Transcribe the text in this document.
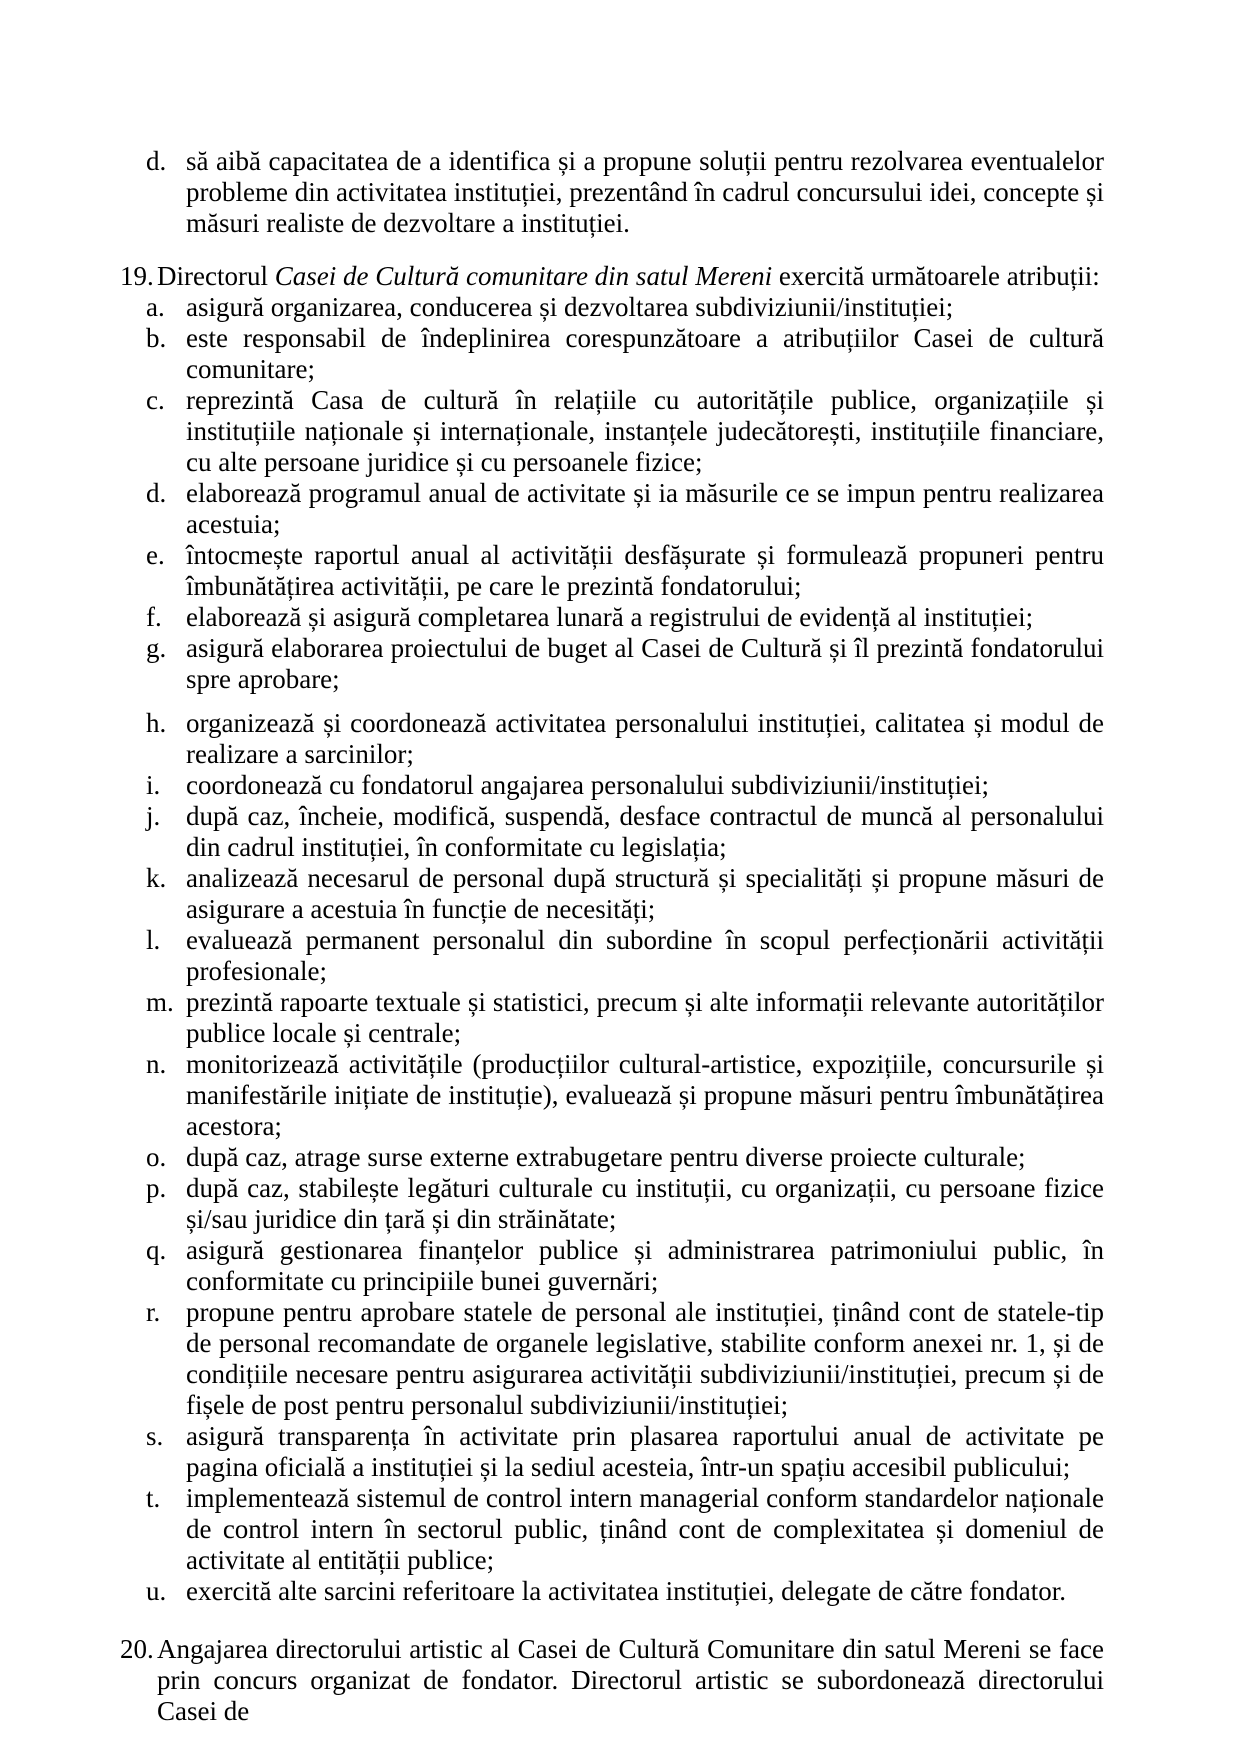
d. să aibă capacitatea de a identifica și a propune soluții pentru rezolvarea eventualelor probleme din activitatea instituției, prezentând în cadrul concursului idei, concepte și măsuri realiste de dezvoltare a instituției.
19. Directorul Casei de Cultură comunitare din satul Mereni exercită următoarele atribuții:
a. asigură organizarea, conducerea și dezvoltarea subdiviziunii/instituției;
b. este responsabil de îndeplinirea corespunzătoare a atribuțiilor Casei de cultură comunitare;
c. reprezintă Casa de cultură în relațiile cu autoritățile publice, organizațiile și instituțiile naționale și internaționale, instanțele judecătorești, instituțiile financiare, cu alte persoane juridice și cu persoanele fizice;
d. elaborează programul anual de activitate și ia măsurile ce se impun pentru realizarea acestuia;
e. întocmește raportul anual al activității desfășurate și formulează propuneri pentru îmbunătățirea activității, pe care le prezintă fondatorului;
f. elaborează și asigură completarea lunară a registrului de evidență al instituției;
g. asigură elaborarea proiectului de buget al Casei de Cultură și îl prezintă fondatorului spre aprobare;
h. organizează și coordonează activitatea personalului instituției, calitatea și modul de realizare a sarcinilor;
i. coordonează cu fondatorul angajarea personalului subdiviziunii/instituției;
j. după caz, încheie, modifică, suspendă, desface contractul de muncă al personalului din cadrul instituției, în conformitate cu legislația;
k. analizează necesarul de personal după structură și specialități și propune măsuri de asigurare a acestuia în funcție de necesități;
l. evaluează permanent personalul din subordine în scopul perfecționării activității profesionale;
m. prezintă rapoarte textuale și statistici, precum și alte informații relevante autorităților publice locale și centrale;
n. monitorizează activitățile (producțiilor cultural-artistice, expozițiile, concursurile și manifestările inițiate de instituție), evaluează și propune măsuri pentru îmbunătățirea acestora;
o. după caz, atrage surse externe extrabugetare pentru diverse proiecte culturale;
p. după caz, stabilește legături culturale cu instituții, cu organizații, cu persoane fizice și/sau juridice din țară și din străinătate;
q. asigură gestionarea finanțelor publice și administrarea patrimoniului public, în conformitate cu principiile bunei guvernări;
r. propune pentru aprobare statele de personal ale instituției, ținând cont de statele-tip de personal recomandate de organele legislative, stabilite conform anexei nr. 1, și de condițiile necesare pentru asigurarea activității subdiviziunii/instituției, precum și de fișele de post pentru personalul subdiviziunii/instituției;
s. asigură transparența în activitate prin plasarea raportului anual de activitate pe pagina oficială a instituției și la sediul acesteia, într-un spațiu accesibil publicului;
t. implementează sistemul de control intern managerial conform standardelor naționale de control intern în sectorul public, ținând cont de complexitatea și domeniul de activitate al entității publice;
u. exercită alte sarcini referitoare la activitatea instituției, delegate de către fondator.
20. Angajarea directorului artistic al Casei de Cultură Comunitare din satul Mereni se face prin concurs organizat de fondator. Directorul artistic se subordonează directorului Casei de
